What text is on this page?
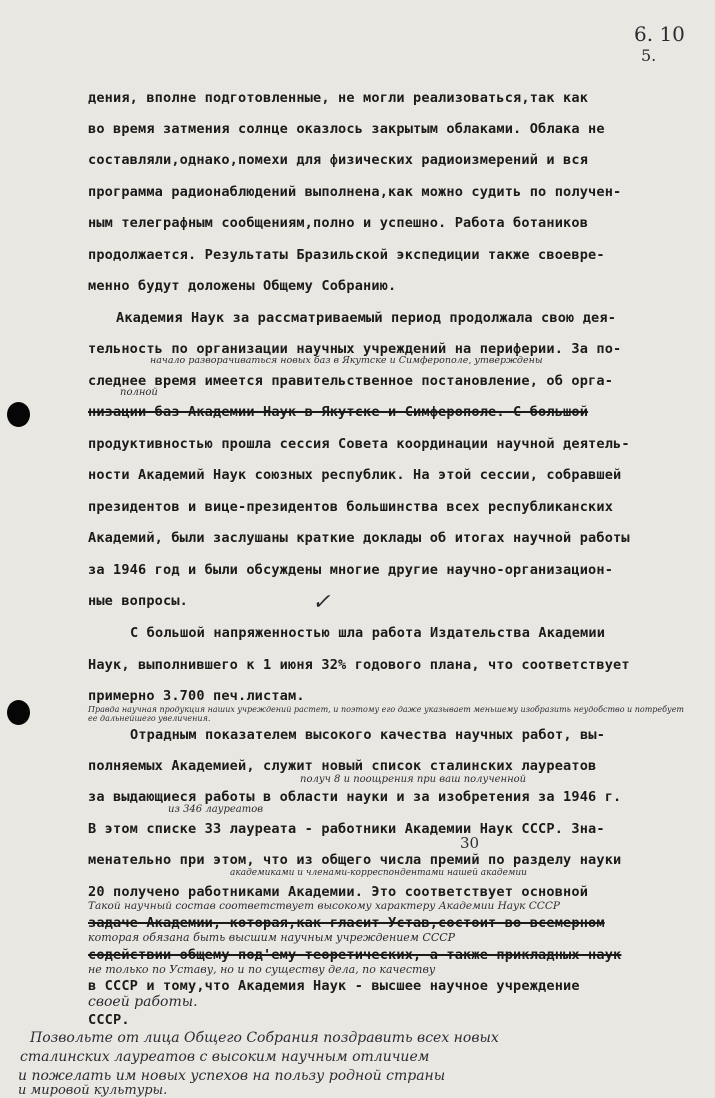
6. 10
5.
дения, вполне подготовленные, не могли реализоваться,так как
во время затмения солнце оказлось закрытым облаками. Облака не
составляли,однако,помехи для физических радиоизмерений и вся
программа радионаблюдений выполнена,как можно судить по получен-
ным телеграфным сообщениям,полно и успешно. Работа ботаников
продолжается. Результаты Бразильской экспедиции также своевре-
менно будут доложены Общему Собранию.
Академия Наук за рассматриваемый период продолжала свою дея-
тельность по организации научных учреждений на периферии. За по-
начало разворачиваться новых баз в Якутске и Симферополе, утверждены
следнее время имеется правительственное постановление, об орга-
полной
низации баз Академии Наук в Якутске и Симферополе. С большой
продуктивностью прошла сессия Совета координации научной деятель-
ности Академий Наук союзных республик. На этой сессии, собравшей
президентов и вице-президентов большинства всех республиканских
Академий, были заслушаны краткие доклады об итогах научной работы
за 1946 год и были обсуждены многие другие научно-организацион-
ные вопросы.	✓
С большой напряженностью шла работа Издательства Академии
Наук, выполнившего к 1 июня 32% годового плана, что соответствует
примерно 3.700 печ.листам.
Правда научная продукция наших учреждений растет, и поэтому его даже указывает меньшему изобразить неудобство и потребует ее дальнейшего увеличения.
Отрадным показателем высокого качества научных работ, вы-
полняемых Академией, служит новый список сталинских лауреатов
получ 8 и поощрения при ваш полученной
за выдающиеся работы в области науки и за изобретения за 1946 г.
из 346 лауреатов
В этом списке 33 лауреата - работники Академии Наук СССР. Зна-
30
менательно при этом, что из общего числа премий по разделу науки
академиками и членами-корреспондентами нашей академии
20 получено работниками Академии. Это соответствует основной
Такой научный состав соответствует высокому характеру Академии Наук СССР
задаче Академии, которая,как гласит Устав,состоит во всемерном
которая обязана быть высшим научным учреждением СССР
содействии общему под'ему теоретических, а также прикладных наук
не только по Уставу, но и по существу дела, по качеству
в СССР и тому,что Академия Наук - высшее научное учреждение
своей работы.
СССР.
Позвольте от лица Общего Собрания поздравить всех новых
сталинских лауреатов с высоким научным отличием
и пожелать им новых успехов на пользу родной страны
и мировой культуры.
